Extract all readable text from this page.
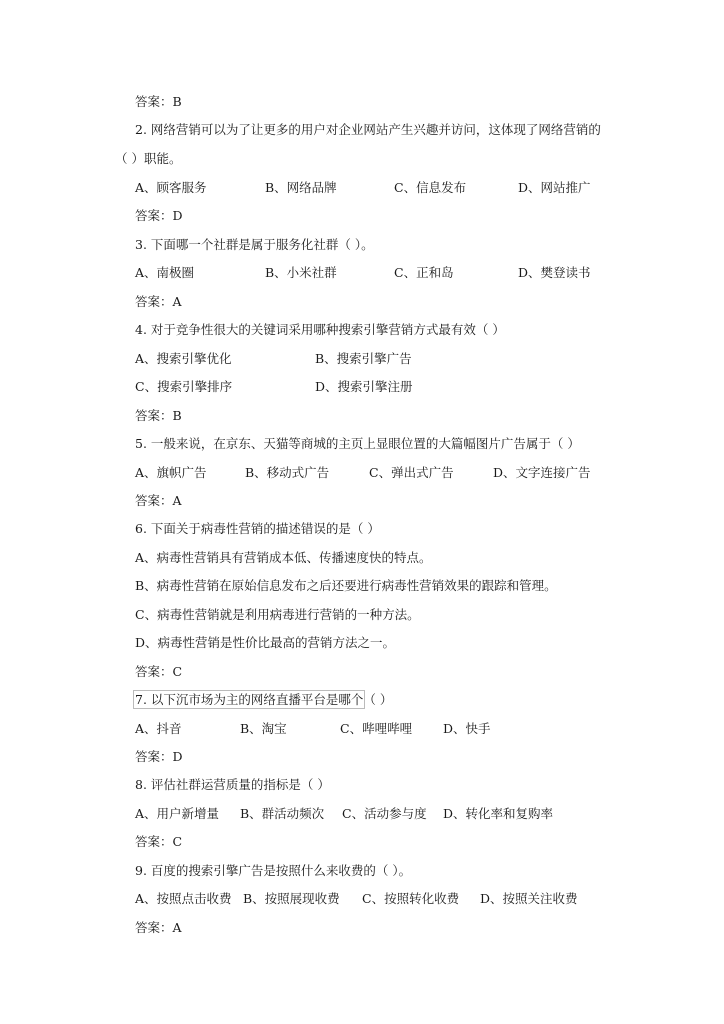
答案：B
2. 网络营销可以为了让更多的用户对企业网站产生兴趣并访问，这体现了网络营销的
（ ）职能。
A、顾客服务	B、网络品牌	C、信息发布	D、网站推广
答案：D
3. 下面哪一个社群是属于服务化社群（ ）。
A、南极圈	B、小米社群	C、正和岛	D、樊登读书
答案：A
4. 对于竞争性很大的关键词采用哪种搜索引擎营销方式最有效（ ）
A、搜索引擎优化	B、搜索引擎广告
C、搜索引擎排序	D、搜索引擎注册
答案：B
5. 一般来说，在京东、天猫等商城的主页上显眼位置的大篇幅图片广告属于（ ）
A、旗帜广告	B、移动式广告	C、弹出式广告	D、文字连接广告
答案：A
6. 下面关于病毒性营销的描述错误的是（ ）
A、病毒性营销具有营销成本低、传播速度快的特点。
B、病毒性营销在原始信息发布之后还要进行病毒性营销效果的跟踪和管理。
C、病毒性营销就是利用病毒进行营销的一种方法。
D、病毒性营销是性价比最高的营销方法之一。
答案：C
7. 以下沉市场为主的网络直播平台是哪个（ ）
A、抖音	B、淘宝	C、哔哩哔哩 D、快手
答案：D
8. 评估社群运营质量的指标是（ ）
A、用户新增量 B、群活动频次 C、活动参与度 D、转化率和复购率
答案：C
9. 百度的搜索引擎广告是按照什么来收费的（ ）。
A、按照点击收费 B、按照展现收费 C、按照转化收费 D、按照关注收费
答案：A
